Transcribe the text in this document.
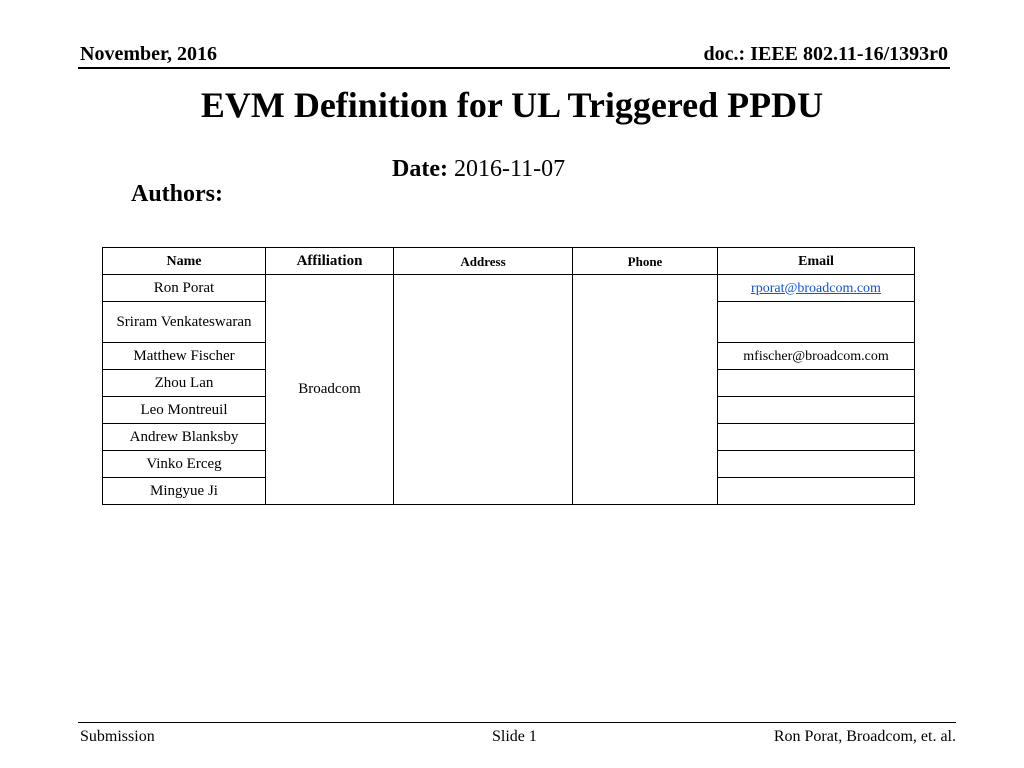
November, 2016	doc.: IEEE 802.11-16/1393r0
EVM Definition for UL Triggered PPDU
Date: 2016-11-07
Authors:
Name	Affiliation	Address	Phone	Email
Ron Porat	Broadcom			rporat@broadcom.com
Sriram Venkateswaran				
Matthew Fischer				mfischer@broadcom.com
Zhou Lan				
Leo Montreuil				
Andrew Blanksby				
Vinko Erceg				
Mingyue Ji				
Submission	Slide 1	Ron Porat, Broadcom, et. al.
